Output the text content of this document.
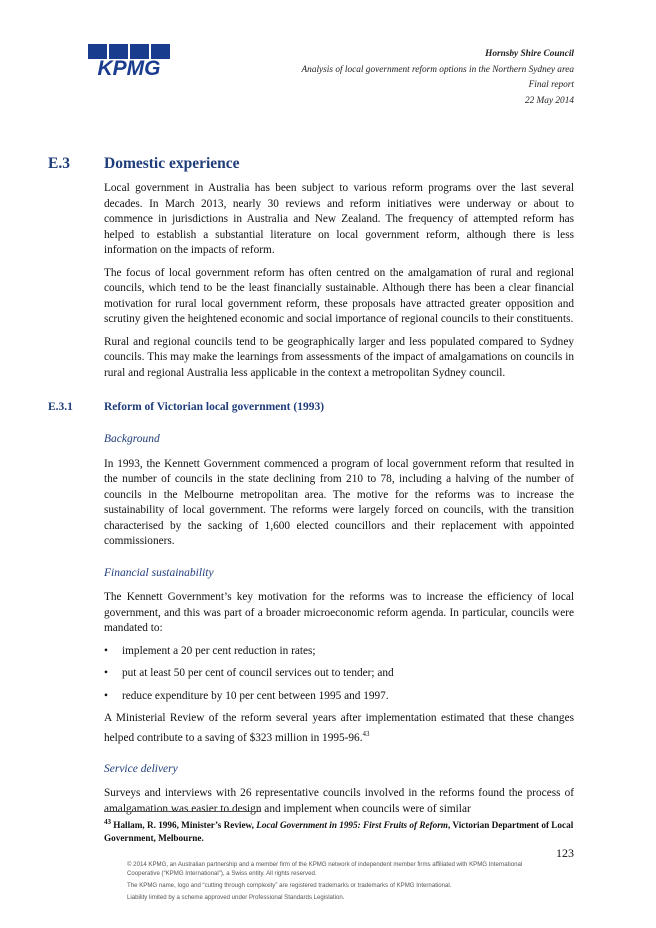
KPMG
Hornsby Shire Council
Analysis of local government reform options in the Northern Sydney area
Final report
22 May 2014
E.3 Domestic experience

Local government in Australia has been subject to various reform programs over the last several decades. In March 2013, nearly 30 reviews and reform initiatives were underway or about to commence in jurisdictions in Australia and New Zealand. The frequency of attempted reform has helped to establish a substantial literature on local government reform, although there is less information on the impacts of reform.

The focus of local government reform has often centred on the amalgamation of rural and regional councils, which tend to be the least financially sustainable. Although there has been a clear financial motivation for rural local government reform, these proposals have attracted greater opposition and scrutiny given the heightened economic and social importance of regional councils to their constituents.

Rural and regional councils tend to be geographically larger and less populated compared to Sydney councils. This may make the learnings from assessments of the impact of amalgamations on councils in rural and regional Australia less applicable in the context a metropolitan Sydney council.

E.3.1	Reform of Victorian local government (1993)
Background

In 1993, the Kennett Government commenced a program of local government reform that resulted in the number of councils in the state declining from 210 to 78, including a halving of the number of councils in the Melbourne metropolitan area. The motive for the reforms was to increase the sustainability of local government. The reforms were largely forced on councils, with the transition characterised by the sacking of 1,600 elected councillors and their replacement with appointed commissioners.

Financial sustainability

The Kennett Government’s key motivation for the reforms was to increase the efficiency of local government, and this was part of a broader microeconomic reform agenda. In particular, councils were mandated to:

• implement a 20 per cent reduction in rates;
• put at least 50 per cent of council services out to tender; and
• reduce expenditure by 10 per cent between 1995 and 1997.

A Ministerial Review of the reform several years after implementation estimated that these changes helped contribute to a saving of $323 million in 1995-96.43

Service delivery

Surveys and interviews with 26 representative councils involved in the reforms found the process of amalgamation was easier to design and implement when councils were of similar

$^{43}$ Hallam, R. 1996, Minister’s Review, Local Government in 1995: First Fruits of Reform, Victorian Department of Local Government, Melbourne.
123

© 2014 KPMG, an Australian partnership and a member firm of the KPMG network of independent member firms affiliated with KPMG International Cooperative (“KPMG International”), a Swiss entity. All rights reserved.

The KPMG name, logo and “cutting through complexity” are registered trademarks or trademarks of KPMG International.

Liability limited by a scheme approved under Professional Standards Legislation.
